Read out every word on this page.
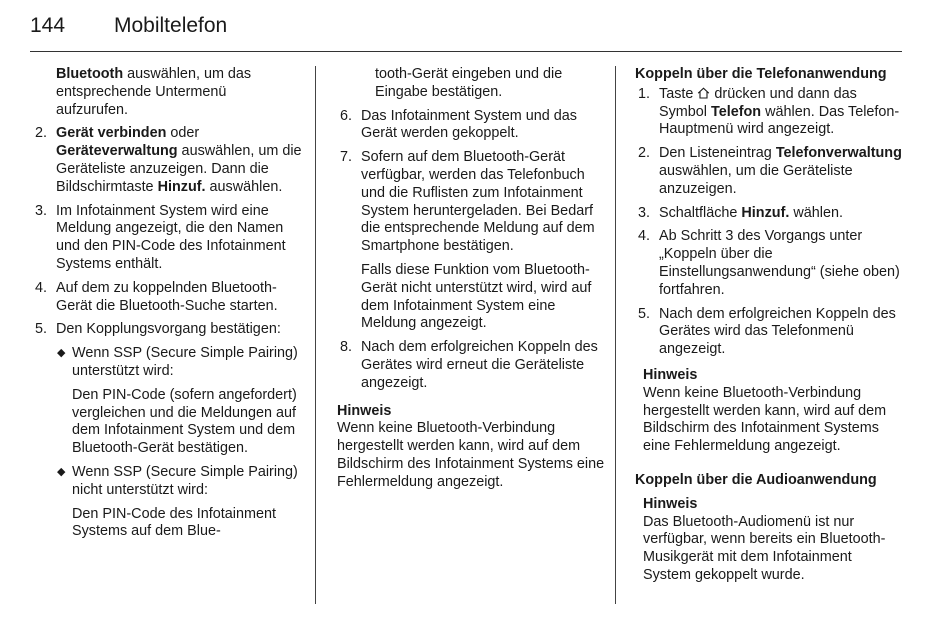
144 Mobiltelefon

Bluetooth auswählen, um das entsprechende Untermenü aufzurufen.

2. Gerät verbinden oder Geräteverwaltung auswählen, um die Geräteliste anzuzeigen. Dann die Bildschirmtaste Hinzuf. auswählen.
3. Im Infotainment System wird eine Meldung angezeigt, die den Namen und den PIN-Code des Infotainment Systems enthält.
4. Auf dem zu koppelnden Bluetooth-Gerät die Bluetooth-Suche starten.
5. Den Kopplungsvorgang bestätigen:
◆ Wenn SSP (Secure Simple Pairing) unterstützt wird:

Den PIN-Code (sofern angefordert) vergleichen und die Meldungen auf dem Infotainment System und dem Bluetooth-Gerät bestätigen.

◆ Wenn SSP (Secure Simple Pairing) nicht unterstützt wird:

Den PIN-Code des Infotainment Systems auf dem Blue-

tooth-Gerät eingeben und die Eingabe bestätigen.

6. Das Infotainment System und das Gerät werden gekoppelt.
7. Sofern auf dem Bluetooth-Gerät verfügbar, werden das Telefonbuch und die Ruflisten zum Infotainment System heruntergeladen. Bei Bedarf die entsprechende Meldung auf dem Smartphone bestätigen.

Falls diese Funktion vom Bluetooth-Gerät nicht unterstützt wird, wird auf dem Infotainment System eine Meldung angezeigt.

8. Nach dem erfolgreichen Koppeln des Gerätes wird erneut die Geräteliste angezeigt.

Hinweis

Wenn keine Bluetooth-Verbindung hergestellt werden kann, wird auf dem Bildschirm des Infotainment Systems eine Fehlermeldung angezeigt.

Koppeln über die Telefonanwendung

1. Taste  drücken und dann das Symbol Telefon wählen. Das Telefon-Hauptmenü wird angezeigt.
2. Den Listeneintrag Telefonverwaltung auswählen, um die Geräteliste anzuzeigen.
3. Schaltfläche Hinzuf. wählen.
4. Ab Schritt 3 des Vorgangs unter „Koppeln über die Einstellungsanwendung“ (siehe oben) fortfahren.
5. Nach dem erfolgreichen Koppeln des Gerätes wird das Telefonmenü angezeigt.

Hinweis

Wenn keine Bluetooth-Verbindung hergestellt werden kann, wird auf dem Bildschirm des Infotainment Systems eine Fehlermeldung angezeigt.

Koppeln über die Audioanwendung

Hinweis

Das Bluetooth-Audiomenü ist nur verfügbar, wenn bereits ein Bluetooth-Musikgerät mit dem Infotainment System gekoppelt wurde.
